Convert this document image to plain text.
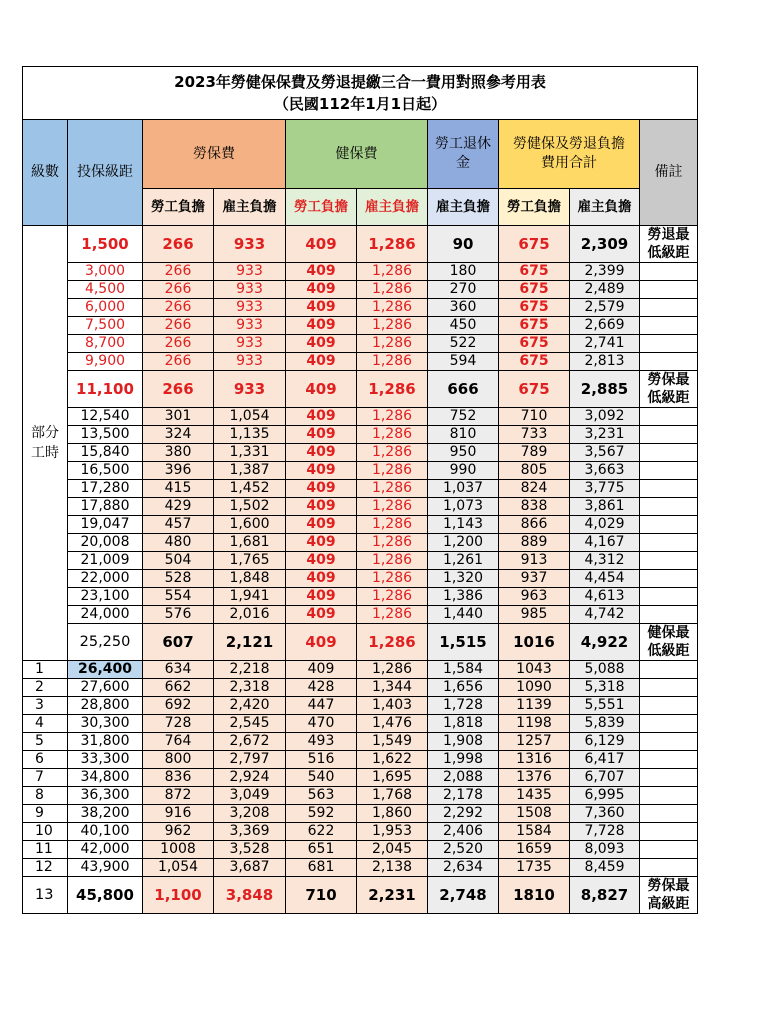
2023年勞健保保費及勞退提繳三合一費用對照參考用表
（民國112年1月1日起）									

級數	投保級距	勞保費		健保費		勞工退休金	勞健保及勞退負擔費用合計		備註
		勞工負擔	雇主負擔	勞工負擔	雇主負擔	雇主負擔	勞工負擔	雇主負擔	
部分工時	1,500	266	933	409	1,286	90	675	2,309	勞退最低級距
	3,000	266	933	409	1,286	180	675	2,399	
	4,500	266	933	409	1,286	270	675	2,489	
	6,000	266	933	409	1,286	360	675	2,579	
	7,500	266	933	409	1,286	450	675	2,669	
	8,700	266	933	409	1,286	522	675	2,741	
	9,900	266	933	409	1,286	594	675	2,813	
	11,100	266	933	409	1,286	666	675	2,885	勞保最低級距
	12,540	301	1,054	409	1,286	752	710	3,092	
	13,500	324	1,135	409	1,286	810	733	3,231	
	15,840	380	1,331	409	1,286	950	789	3,567	
	16,500	396	1,387	409	1,286	990	805	3,663	
	17,280	415	1,452	409	1,286	1,037	824	3,775	
	17,880	429	1,502	409	1,286	1,073	838	3,861	
	19,047	457	1,600	409	1,286	1,143	866	4,029	
	20,008	480	1,681	409	1,286	1,200	889	4,167	
	21,009	504	1,765	409	1,286	1,261	913	4,312	
	22,000	528	1,848	409	1,286	1,320	937	4,454	
	23,100	554	1,941	409	1,286	1,386	963	4,613	
	24,000	576	2,016	409	1,286	1,440	985	4,742	
	25,250	607	2,121	409	1,286	1,515	1016	4,922	健保最低級距
1	26,400	634	2,218	409	1,286	1,584	1043	5,088	
2	27,600	662	2,318	428	1,344	1,656	1090	5,318	
3	28,800	692	2,420	447	1,403	1,728	1139	5,551	
4	30,300	728	2,545	470	1,476	1,818	1198	5,839	
5	31,800	764	2,672	493	1,549	1,908	1257	6,129	
6	33,300	800	2,797	516	1,622	1,998	1316	6,417	
7	34,800	836	2,924	540	1,695	2,088	1376	6,707	
8	36,300	872	3,049	563	1,768	2,178	1435	6,995	
9	38,200	916	3,208	592	1,860	2,292	1508	7,360	
10	40,100	962	3,369	622	1,953	2,406	1584	7,728	
11	42,000	1008	3,528	651	2,045	2,520	1659	8,093	
12	43,900	1,054	3,687	681	2,138	2,634	1735	8,459	
13	45,800	1,100	3,848	710	2,231	2,748	1810	8,827	勞保最高級距
